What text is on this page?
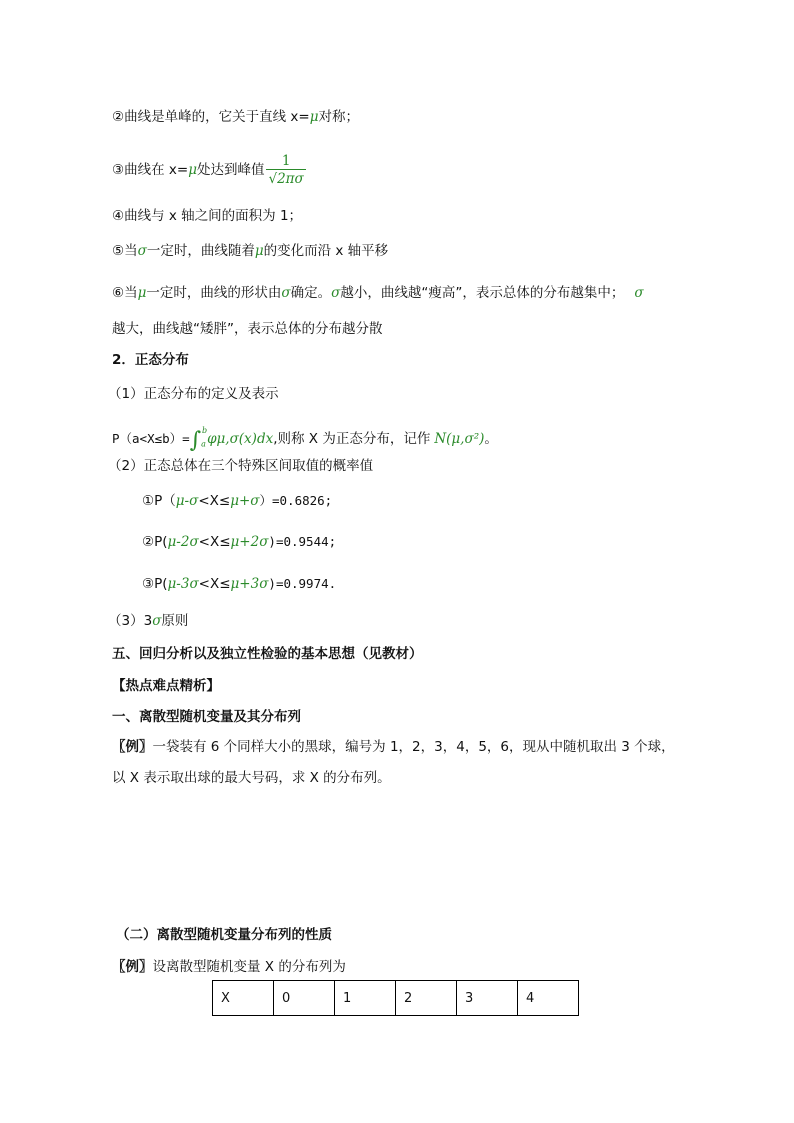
②曲线是单峰的，它关于直线 x=μ对称；
③曲线在 x=μ处达到峰值 $\frac{1}{√2\pi\sigma}$
④曲线与 x 轴之间的面积为 1；
⑤当σ一定时，曲线随着μ的变化而沿 x 轴平移
⑥当μ一定时，曲线的形状由σ确定。σ越小，曲线越“瘦高”，表示总体的分布越集中； σ
越大，曲线越“矮胖”，表示总体的分布越分散
2．正态分布
（1）正态分布的定义及表示
$P(a<X\le b)=\int_a^b\varphi\mu,\sigma(x)dx$,则称 X 为正态分布，记作 N(μ,σ²)。
（2）正态总体在三个特殊区间取值的概率值
①P（μ-σ<X≤μ+σ）=0.6826;
②P(μ-2σ<X≤μ+2σ)=0.9544;
③P(μ-3σ<X≤μ+3σ)=0.9974.
（3）3σ原则
五、回归分析以及独立性检验的基本思想（见教材）
【热点难点精析】
一、离散型随机变量及其分布列
〖例〗一袋装有 6 个同样大小的黑球，编号为 1，2，3，4，5，6，现从中随机取出 3 个球，
以 X 表示取出球的最大号码，求 X 的分布列。
（二）离散型随机变量分布列的性质
〖例〗设离散型随机变量 X 的分布列为
X	0	1	2	3	4
